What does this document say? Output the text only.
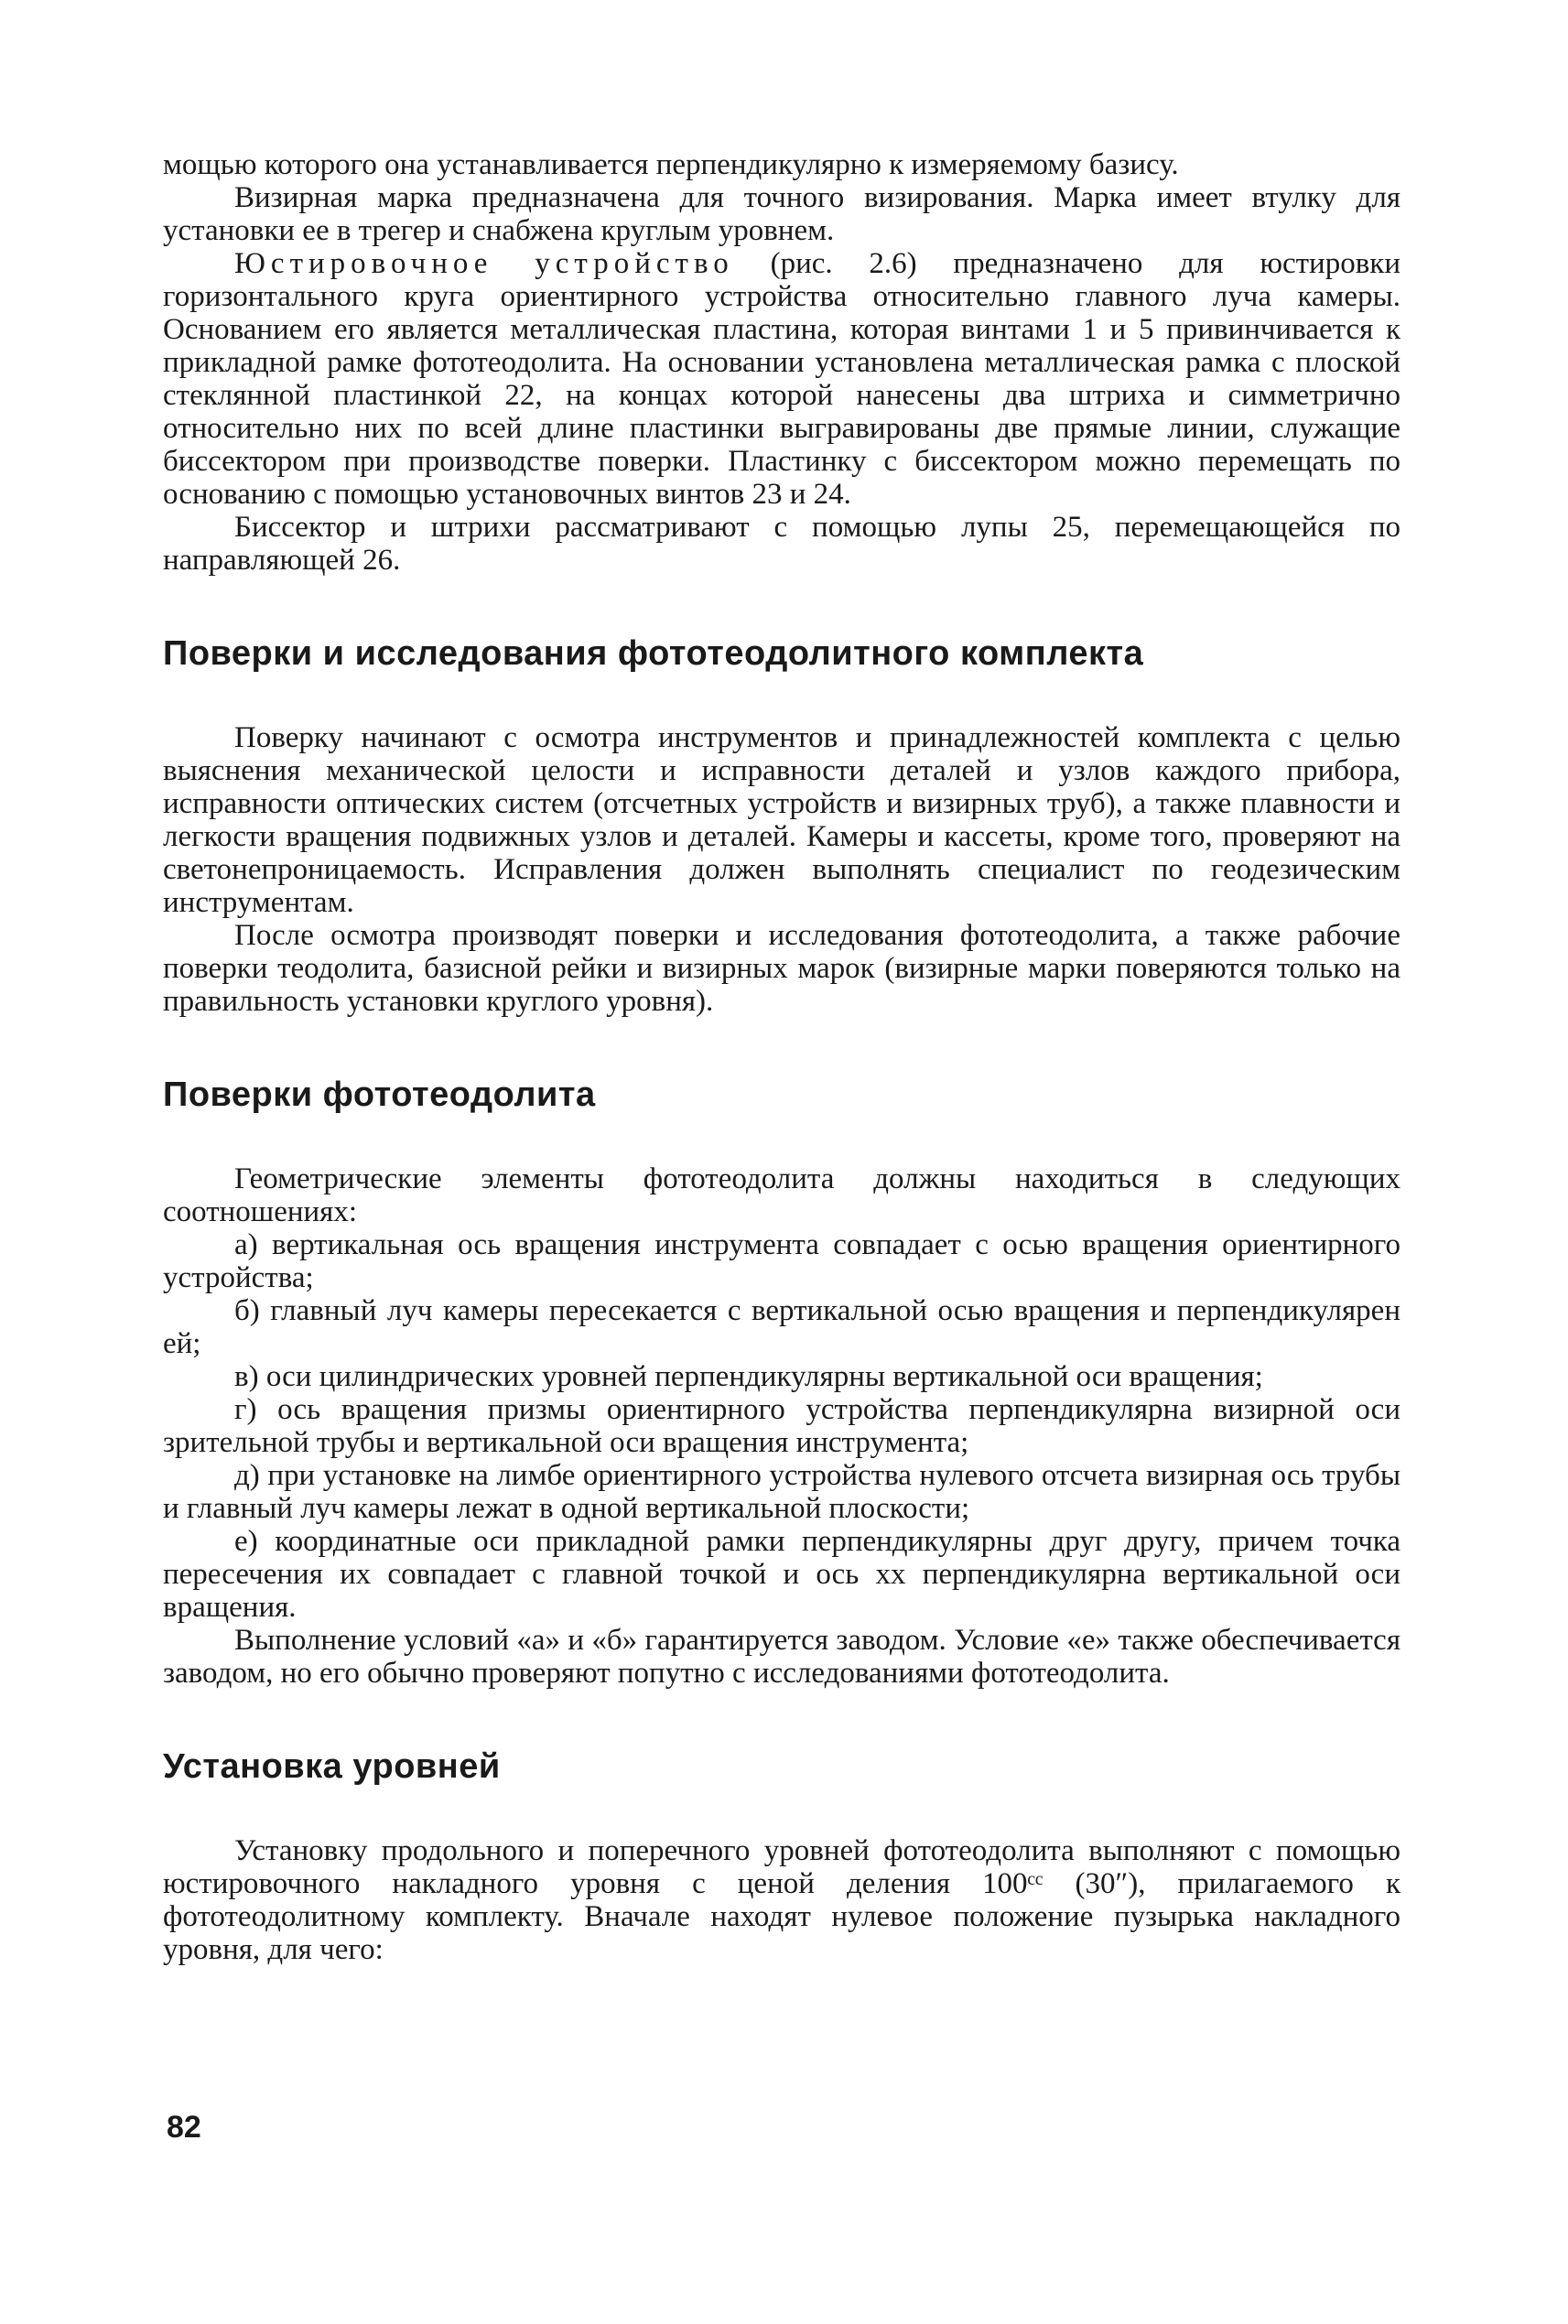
мощью которого она устанавливается перпендикулярно к измеряемому базису.

Визирная марка предназначена для точного визирования. Марка имеет втулку для установки ее в трегер и снабжена круглым уровнем.

Юстировочное устройство (рис. 2.6) предназначено для юстировки горизонтального круга ориентирного устройства относительно главного луча камеры. Основанием его является металлическая пластина, которая винтами 1 и 5 привинчивается к прикладной рамке фототеодолита. На основании установлена металлическая рамка с плоской стеклянной пластинкой 22, на концах которой нанесены два штриха и симметрично относительно них по всей длине пластинки выгравированы две прямые линии, служащие биссектором при производстве поверки. Пластинку с биссектором можно перемещать по основанию с помощью установочных винтов 23 и 24.

Биссектор и штрихи рассматривают с помощью лупы 25, перемещающейся по направляющей 26.

Поверки и исследования фототеодолитного комплекта

Поверку начинают с осмотра инструментов и принадлежностей комплекта с целью выяснения механической целости и исправности деталей и узлов каждого прибора, исправности оптических систем (отсчетных устройств и визирных труб), а также плавности и легкости вращения подвижных узлов и деталей. Камеры и кассеты, кроме того, проверяют на светонепроницаемость. Исправления должен выполнять специалист по геодезическим инструментам.

После осмотра производят поверки и исследования фототеодолита, а также рабочие поверки теодолита, базисной рейки и визирных марок (визирные марки поверяются только на правильность установки круглого уровня).

Поверки фототеодолита

Геометрические элементы фототеодолита должны находиться в следующих соотношениях:

а) вертикальная ось вращения инструмента совпадает с осью вращения ориентирного устройства;

б) главный луч камеры пересекается с вертикальной осью вращения и перпендикулярен ей;

в) оси цилиндрических уровней перпендикулярны вертикальной оси вращения;

г) ось вращения призмы ориентирного устройства перпендикулярна визирной оси зрительной трубы и вертикальной оси вращения инструмента;

д) при установке на лимбе ориентирного устройства нулевого отсчета визирная ось трубы и главный луч камеры лежат в одной вертикальной плоскости;

е) координатные оси прикладной рамки перпендикулярны друг другу, причем точка пересечения их совпадает с главной точкой и ось xx перпендикулярна вертикальной оси вращения.

Выполнение условий «а» и «б» гарантируется заводом. Условие «е» также обеспечивается заводом, но его обычно проверяют попутно с исследованиями фототеодолита.

Установка уровней

Установку продольного и поперечного уровней фототеодолита выполняют с помощью юстировочного накладного уровня с ценой деления 100ᶜᶜ (30″), прилагаемого к фототеодолитному комплекту. Вначале находят нулевое положение пузырька накладного уровня, для чего:

82
